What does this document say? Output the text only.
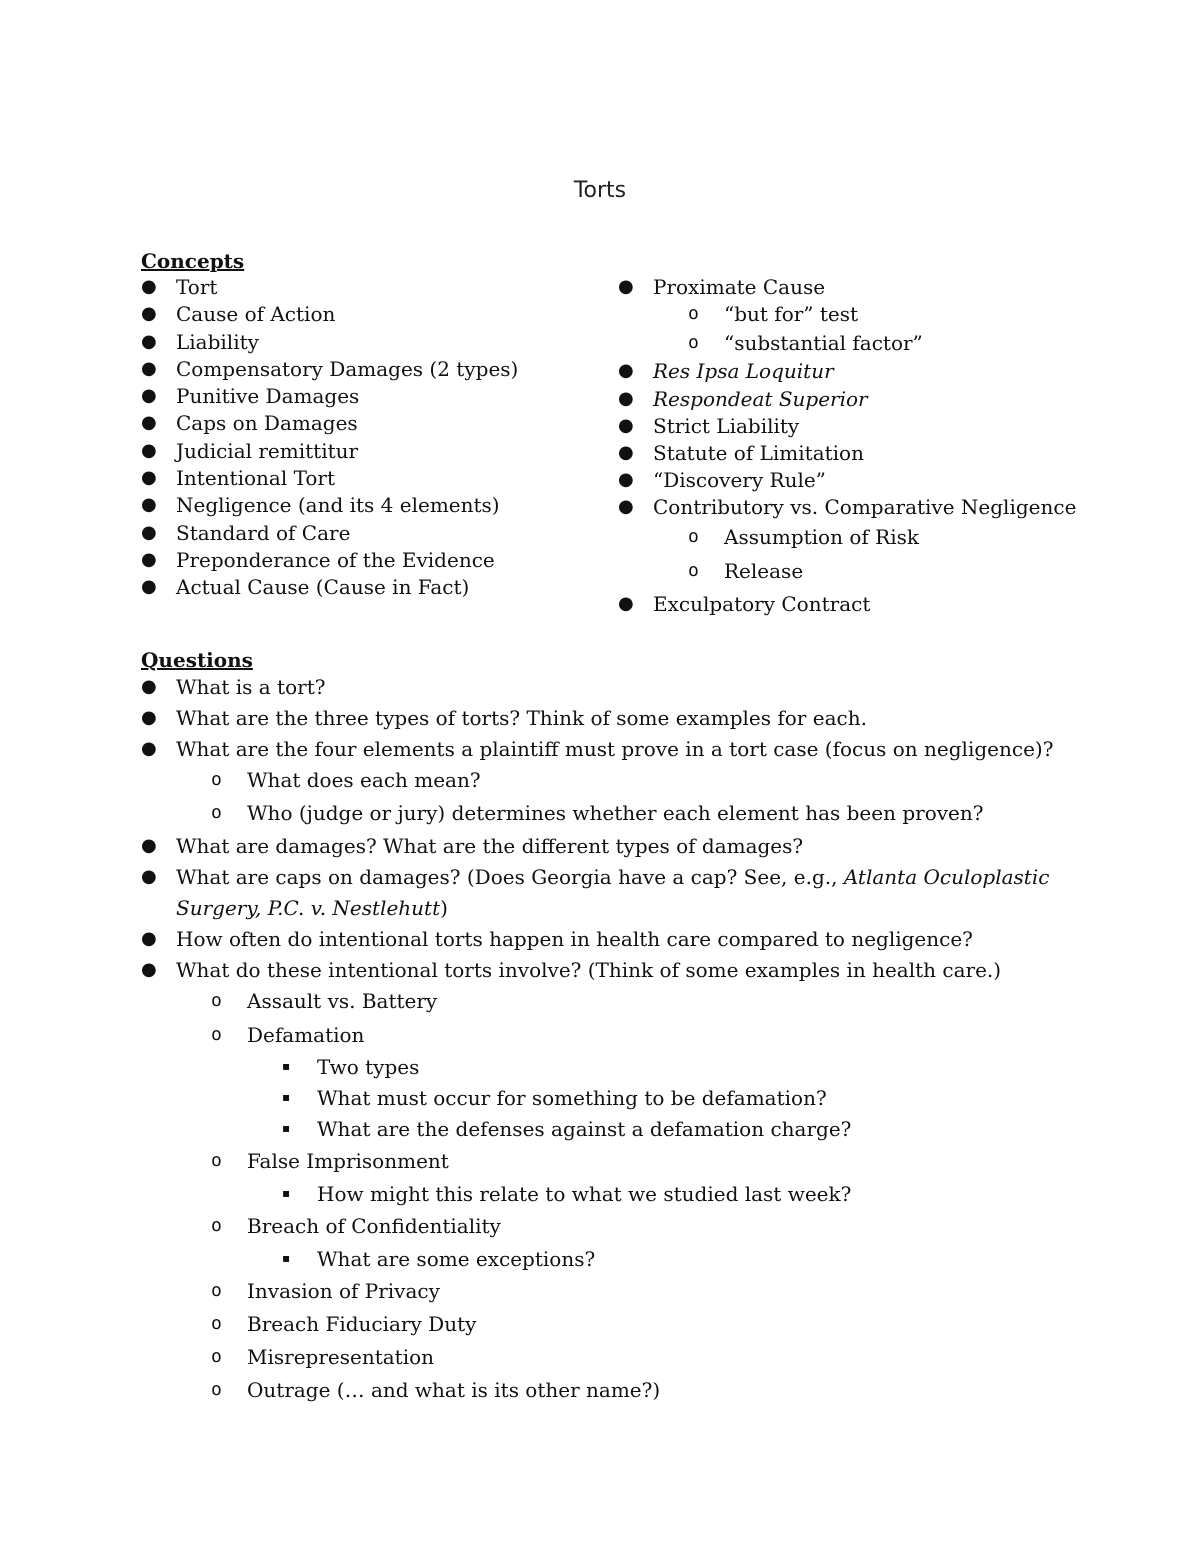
Torts
Concepts
● Tort
● Cause of Action
● Liability
● Compensatory Damages (2 types)
● Punitive Damages
● Caps on Damages
● Judicial remittitur
● Intentional Tort
● Negligence (and its 4 elements)
● Standard of Care
● Preponderance of the Evidence
● Actual Cause (Cause in Fact)
● Proximate Cause
o “but for” test
o “substantial factor”
● Res Ipsa Loquitur
● Respondeat Superior
● Strict Liability
● Statute of Limitation
● “Discovery Rule”
● Contributory vs. Comparative Negligence
o Assumption of Risk
o Release
● Exculpatory Contract
Questions
● What is a tort?
● What are the three types of torts? Think of some examples for each.
● What are the four elements a plaintiff must prove in a tort case (focus on negligence)?
o What does each mean?
o Who (judge or jury) determines whether each element has been proven?
● What are damages? What are the different types of damages?
● What are caps on damages? (Does Georgia have a cap? See, e.g., Atlanta Oculoplastic Surgery, P.C. v. Nestlehutt)
● How often do intentional torts happen in health care compared to negligence?
● What do these intentional torts involve? (Think of some examples in health care.)
o Assault vs. Battery
o Defamation
▪ Two types
▪ What must occur for something to be defamation?
▪ What are the defenses against a defamation charge?
o False Imprisonment
▪ How might this relate to what we studied last week?
o Breach of Confidentiality
▪ What are some exceptions?
o Invasion of Privacy
o Breach Fiduciary Duty
o Misrepresentation
o Outrage (… and what is its other name?)
